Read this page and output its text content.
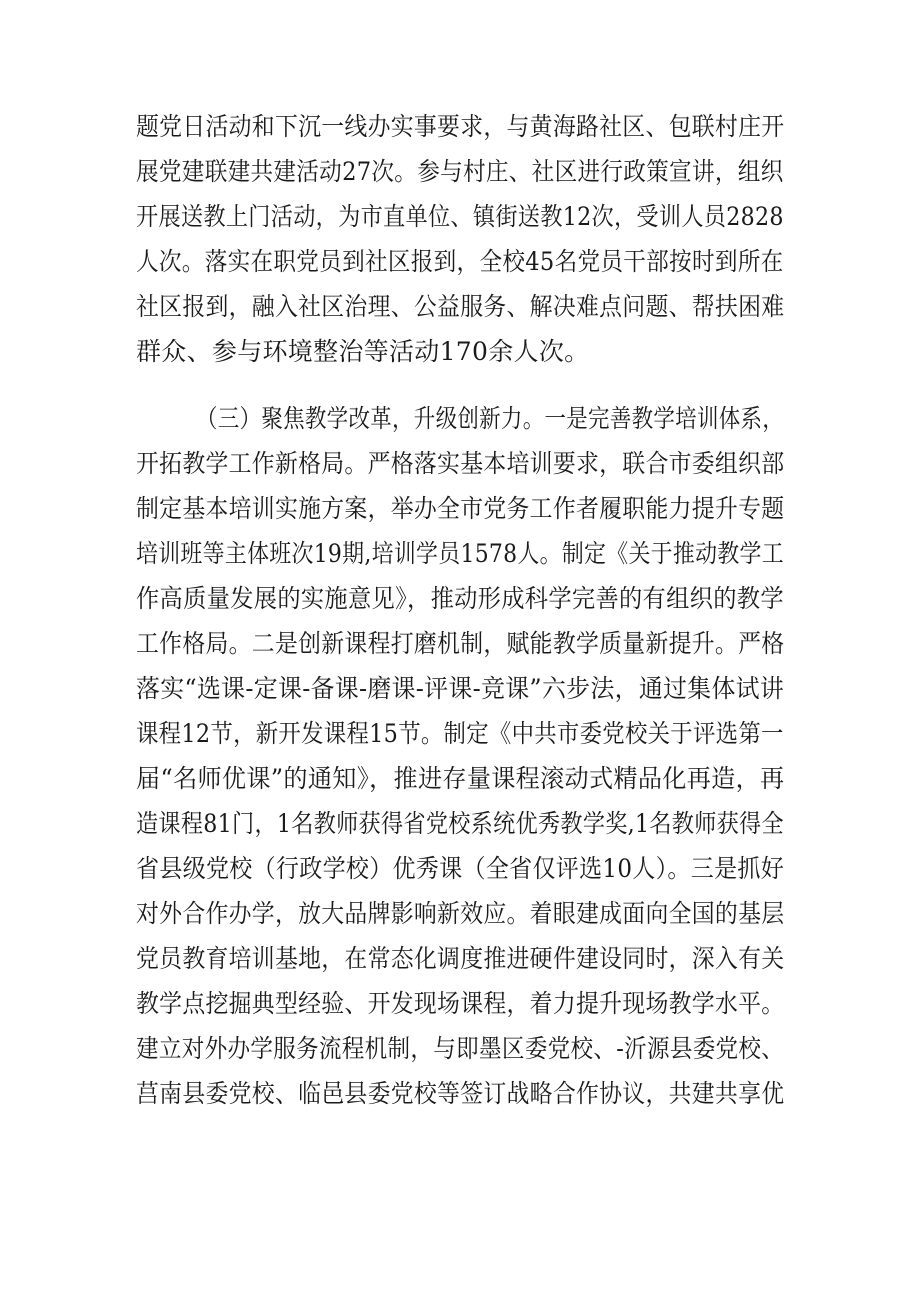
题党日活动和下沉一线办实事要求，与黄海路社区、包联村庄开
展党建联建共建活动27次。参与村庄、社区进行政策宣讲，组织
开展送教上门活动，为市直单位、镇街送教12次，受训人员2828
人次。落实在职党员到社区报到，全校45名党员干部按时到所在
社区报到，融入社区治理、公益服务、解决难点问题、帮扶困难
群众、参与环境整治等活动170余人次。
（三）聚焦教学改革，升级创新力。一是完善教学培训体系，
开拓教学工作新格局。严格落实基本培训要求，联合市委组织部
制定基本培训实施方案，举办全市党务工作者履职能力提升专题
培训班等主体班次19期,培训学员1578人。制定《关于推动教学工
作高质量发展的实施意见》，推动形成科学完善的有组织的教学
工作格局。二是创新课程打磨机制，赋能教学质量新提升。严格
落实“选课-定课-备课-磨课-评课-竞课”六步法，通过集体试讲
课程12节，新开发课程15节。制定《中共市委党校关于评选第一
届“名师优课”的通知》，推进存量课程滚动式精品化再造，再
造课程81门，1名教师获得省党校系统优秀教学奖,1名教师获得全
省县级党校（行政学校）优秀课（全省仅评选10人）。三是抓好
对外合作办学，放大品牌影响新效应。着眼建成面向全国的基层
党员教育培训基地，在常态化调度推进硬件建设同时，深入有关
教学点挖掘典型经验、开发现场课程，着力提升现场教学水平。
建立对外办学服务流程机制，与即墨区委党校、-沂源县委党校、
莒南县委党校、临邑县委党校等签订战略合作协议，共建共享优
